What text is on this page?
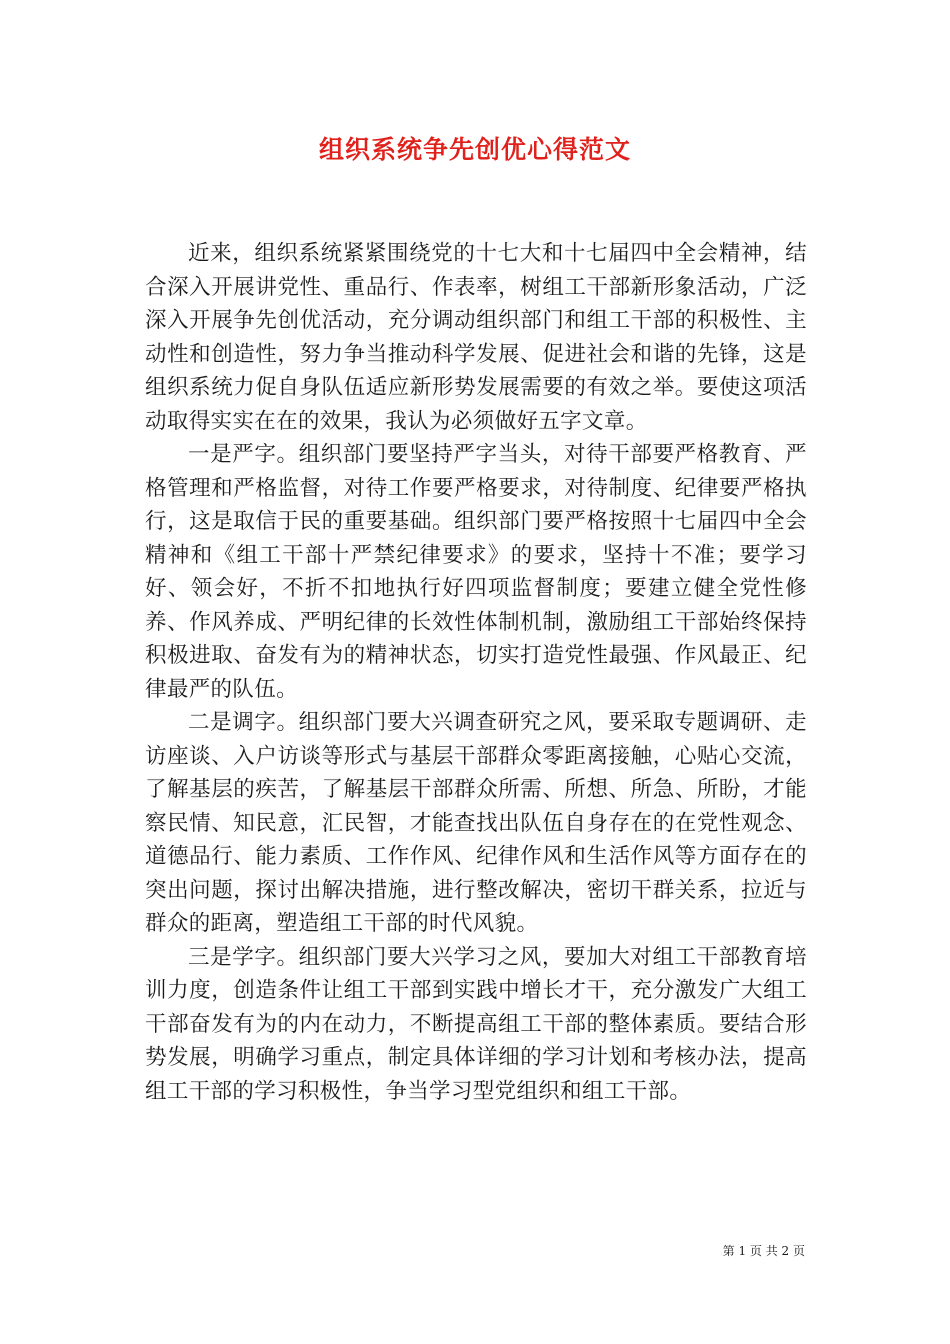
组织系统争先创优心得范文

近来，组织系统紧紧围绕党的十七大和十七届四中全会精神，结合深入开展讲党性、重品行、作表率，树组工干部新形象活动，广泛深入开展争先创优活动，充分调动组织部门和组工干部的积极性、主动性和创造性，努力争当推动科学发展、促进社会和谐的先锋，这是组织系统力促自身队伍适应新形势发展需要的有效之举。要使这项活动取得实实在在的效果，我认为必须做好五字文章。

一是严字。组织部门要坚持严字当头，对待干部要严格教育、严格管理和严格监督，对待工作要严格要求，对待制度、纪律要严格执行，这是取信于民的重要基础。组织部门要严格按照十七届四中全会精神和《组工干部十严禁纪律要求》的要求，坚持十不准；要学习好、领会好，不折不扣地执行好四项监督制度；要建立健全党性修养、作风养成、严明纪律的长效性体制机制，激励组工干部始终保持积极进取、奋发有为的精神状态，切实打造党性最强、作风最正、纪律最严的队伍。

二是调字。组织部门要大兴调查研究之风，要采取专题调研、走访座谈、入户访谈等形式与基层干部群众零距离接触，心贴心交流，了解基层的疾苦，了解基层干部群众所需、所想、所急、所盼，才能察民情、知民意，汇民智，才能查找出队伍自身存在的在党性观念、道德品行、能力素质、工作作风、纪律作风和生活作风等方面存在的突出问题，探讨出解决措施，进行整改解决，密切干群关系，拉近与群众的距离，塑造组工干部的时代风貌。

三是学字。组织部门要大兴学习之风，要加大对组工干部教育培训力度，创造条件让组工干部到实践中增长才干，充分激发广大组工干部奋发有为的内在动力，不断提高组工干部的整体素质。要结合形势发展，明确学习重点，制定具体详细的学习计划和考核办法，提高组工干部的学习积极性，争当学习型党组织和组工干部。

第 1 页 共 2 页
